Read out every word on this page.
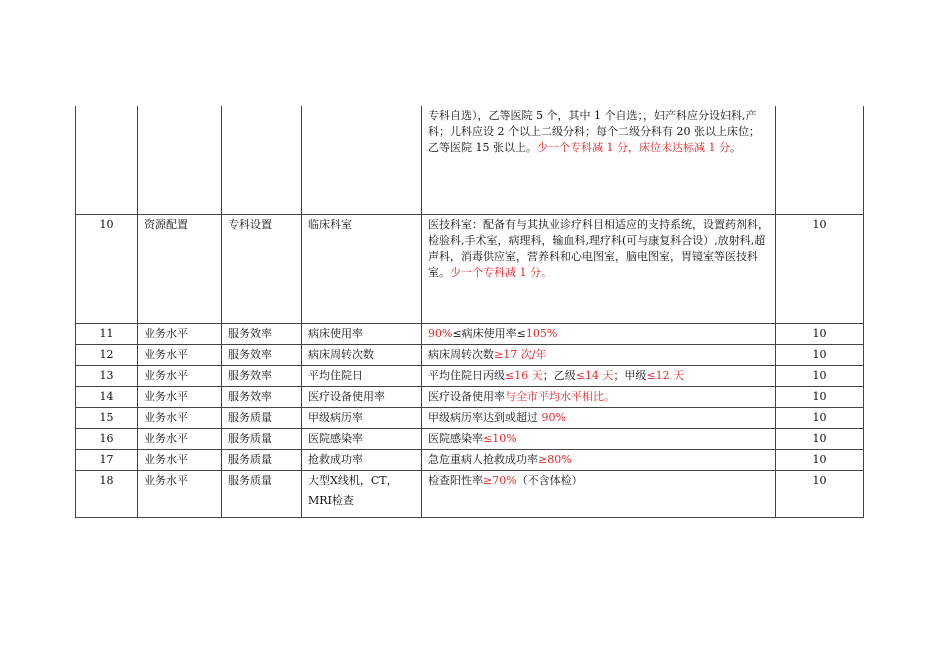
				专科自选），乙等医院 5 个，其中 1 个自选；，妇产科应分设妇科,产科；儿科应设 2 个以上二级分科；每个二级分科有 20 张以上床位；乙等医院 15 张以上。少一个专科减 1 分，床位未达标减 1 分。	
10	资源配置	专科设置	临床科室	医技科室：配备有与其执业诊疗科目相适应的支持系统，设置药剂科，检验科,手术室，病理科，输血科,理疗科(可与康复科合设）,放射科,超声科，消毒供应室，营养科和心电图室，脑电图室，胃镜室等医技科室。少一个专科减 1 分。	10
11	业务水平	服务效率	病床使用率	90%≤病床使用率≤105%	10
12	业务水平	服务效率	病床周转次数	病床周转次数≥17 次/年	10
13	业务水平	服务效率	平均住院日	平均住院日丙级≤16 天；乙级≤14 天；甲级≤12 天	10
14	业务水平	服务效率	医疗设备使用率	医疗设备使用率与全市平均水平相比。	10
15	业务水平	服务质量	甲级病历率	甲级病历率达到或超过 90%	10
16	业务水平	服务质量	医院感染率	医院感染率≤10%	10
17	业务水平	服务质量	抢救成功率	急危重病人抢救成功率≥80%	10
18	业务水平	服务质量	大型X线机，CT，MRI检查	检查阳性率≥70%（不含体检）	10
